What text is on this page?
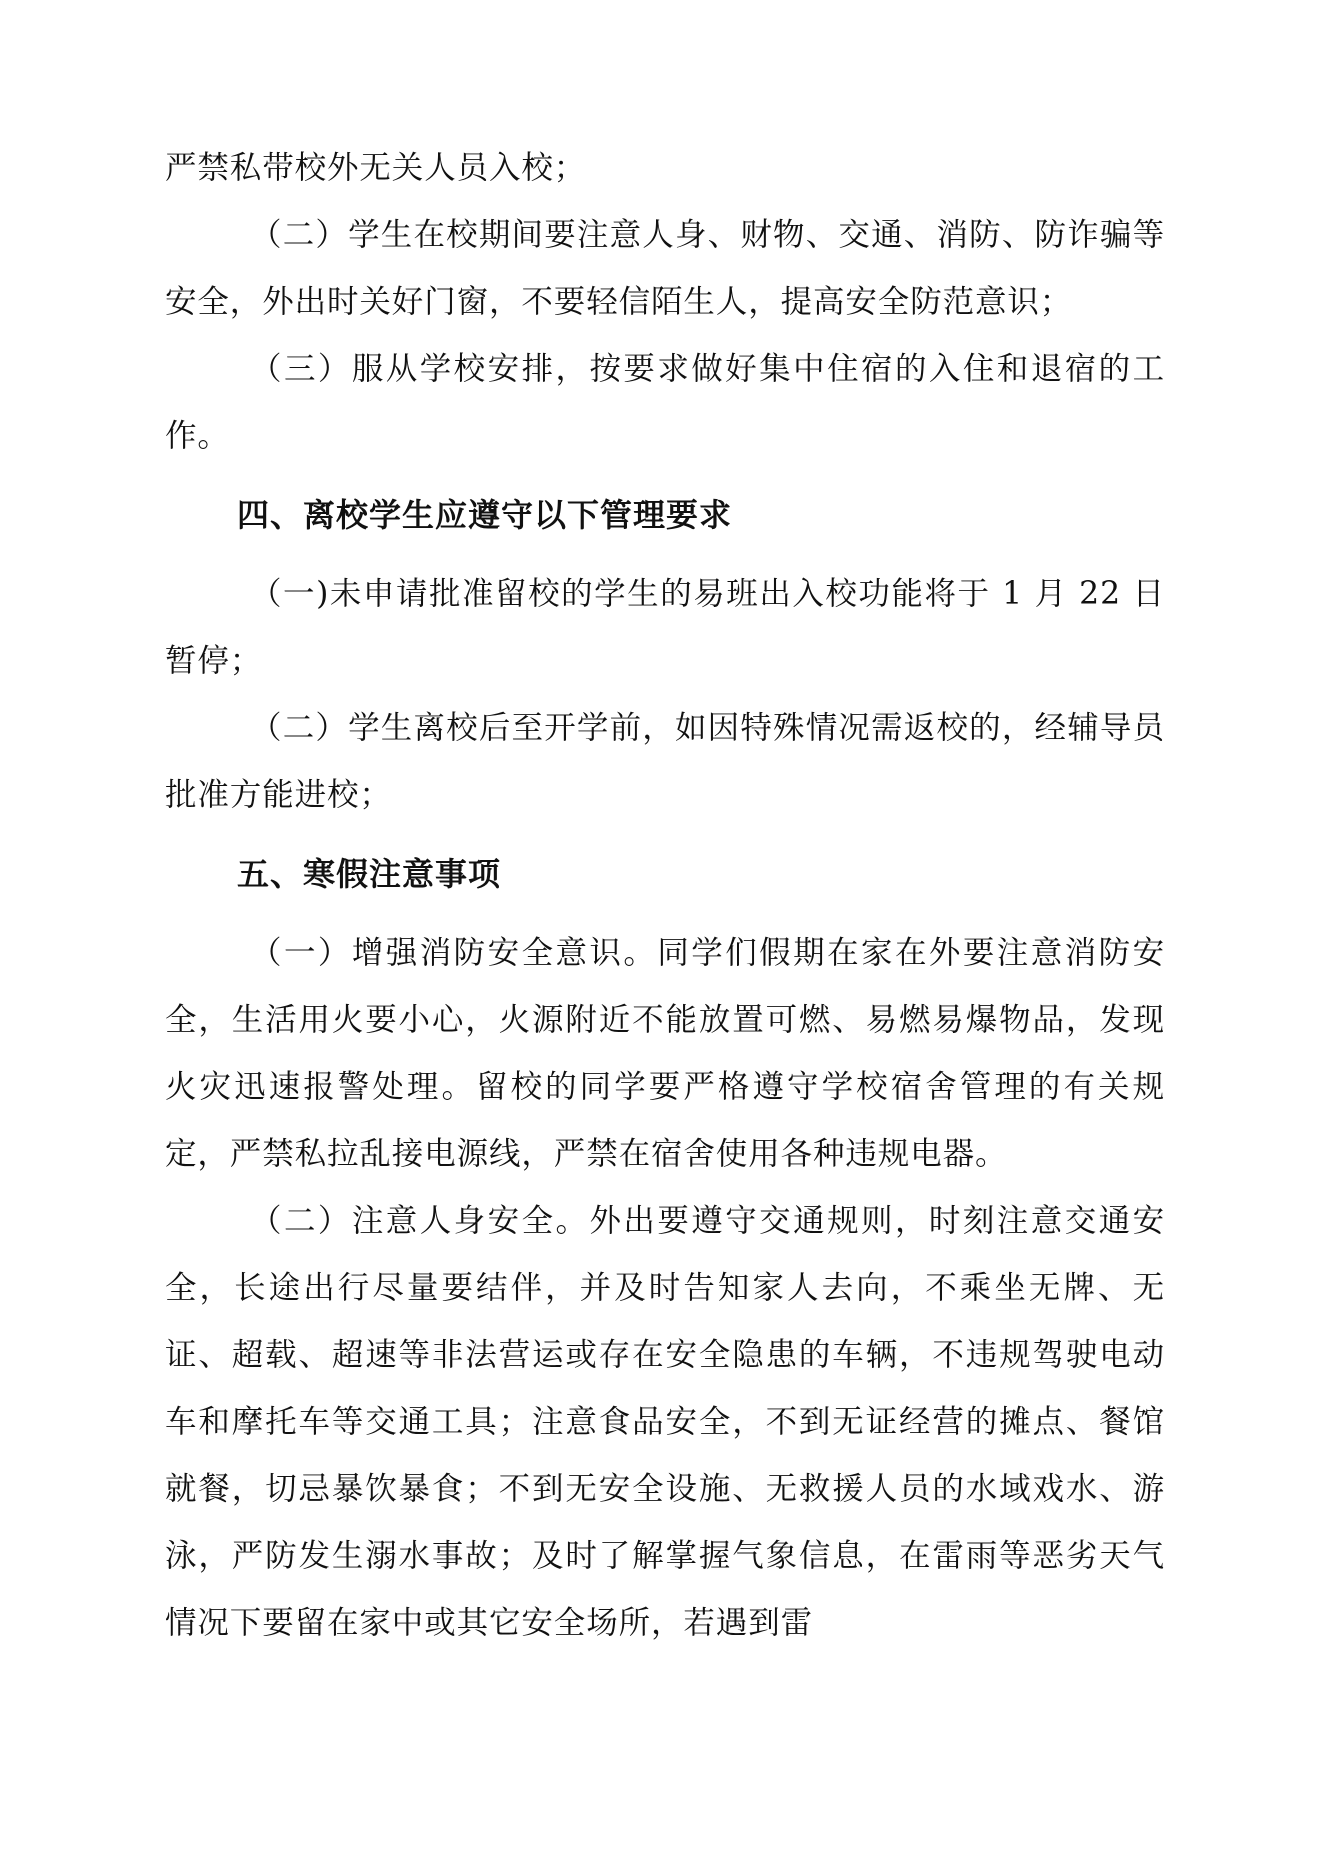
严禁私带校外无关人员入校；

（二）学生在校期间要注意人身、财物、交通、消防、防诈骗等安全，外出时关好门窗，不要轻信陌生人，提高安全防范意识；

（三）服从学校安排，按要求做好集中住宿的入住和退宿的工作。

四、离校学生应遵守以下管理要求

（一)未申请批准留校的学生的易班出入校功能将于 1 月 22 日暂停；

（二）学生离校后至开学前，如因特殊情况需返校的，经辅导员批准方能进校；

五、寒假注意事项

（一）增强消防安全意识。同学们假期在家在外要注意消防安全，生活用火要小心，火源附近不能放置可燃、易燃易爆物品，发现火灾迅速报警处理。留校的同学要严格遵守学校宿舍管理的有关规定，严禁私拉乱接电源线，严禁在宿舍使用各种违规电器。

（二）注意人身安全。外出要遵守交通规则，时刻注意交通安全，长途出行尽量要结伴，并及时告知家人去向，不乘坐无牌、无证、超载、超速等非法营运或存在安全隐患的车辆，不违规驾驶电动车和摩托车等交通工具；注意食品安全，不到无证经营的摊点、餐馆就餐，切忌暴饮暴食；不到无安全设施、无救援人员的水域戏水、游泳，严防发生溺水事故；及时了解掌握气象信息，在雷雨等恶劣天气情况下要留在家中或其它安全场所，若遇到雷
